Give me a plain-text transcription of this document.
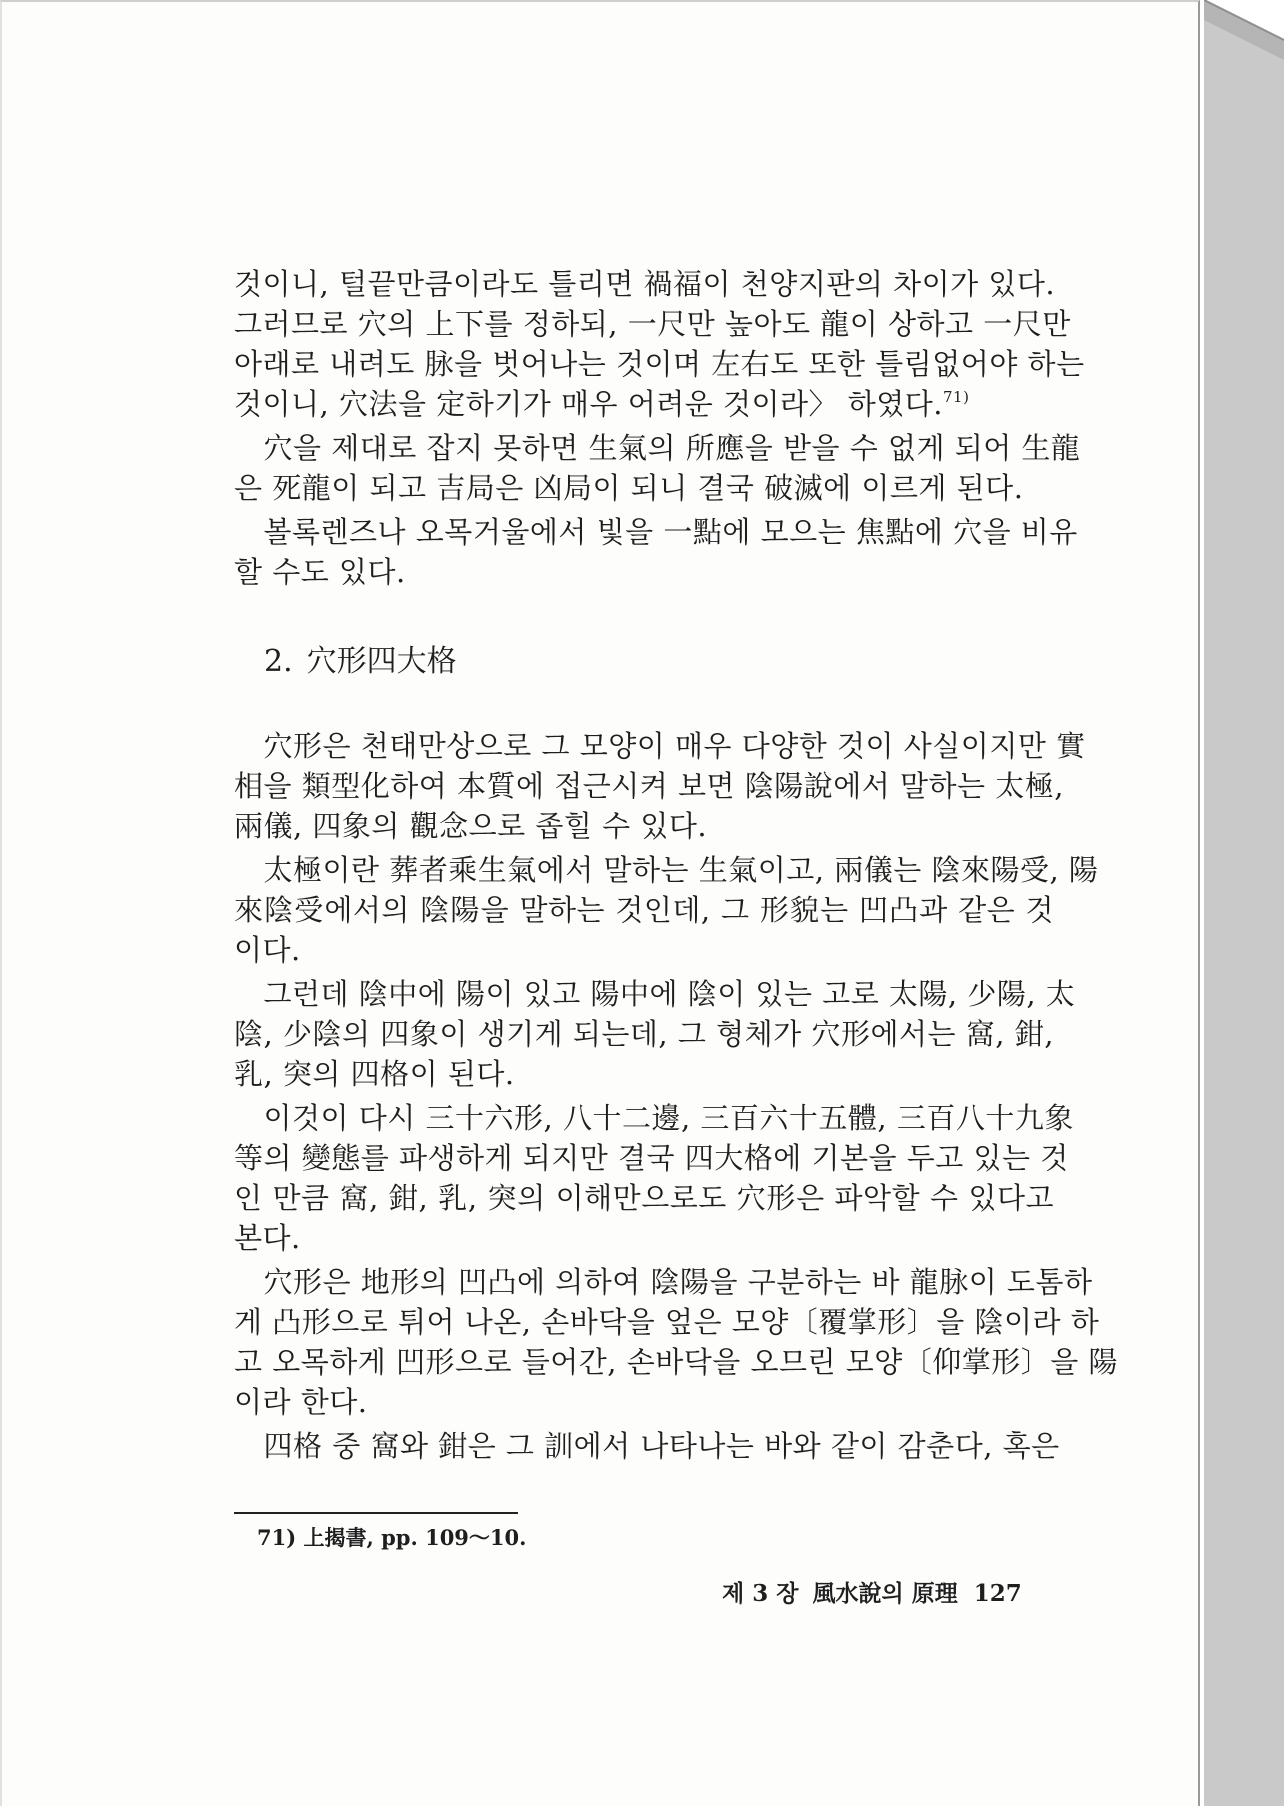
것이니, 털끝만큼이라도 틀리면 禍福이 천양지판의 차이가 있다.
그러므로 穴의 上下를 정하되, 一尺만 높아도 龍이 상하고 一尺만
아래로 내려도 脉을 벗어나는 것이며 左右도 또한 틀림없어야 하는
것이니, 穴法을 定하기가 매우 어려운 것이라〉 하였다.$^{71)}$
　穴을 제대로 잡지 못하면 生氣의 所應을 받을 수 없게 되어 生龍
은 死龍이 되고 吉局은 凶局이 되니 결국 破滅에 이르게 된다.
　볼록렌즈나 오목거울에서 빛을 一點에 모으는 焦點에 穴을 비유
할 수도 있다.
2. 穴形四大格
　穴形은 천태만상으로 그 모양이 매우 다양한 것이 사실이지만 實
相을 類型化하여 本質에 접근시켜 보면 陰陽說에서 말하는 太極,
兩儀, 四象의 觀念으로 좁힐 수 있다.
　太極이란 葬者乘生氣에서 말하는 生氣이고, 兩儀는 陰來陽受, 陽
來陰受에서의 陰陽을 말하는 것인데, 그 形貌는 凹凸과 같은 것
이다.
　그런데 陰中에 陽이 있고 陽中에 陰이 있는 고로 太陽, 少陽, 太
陰, 少陰의 四象이 생기게 되는데, 그 형체가 穴形에서는 窩, 鉗,
乳, 突의 四格이 된다.
　이것이 다시 三十六形, 八十二邊, 三百六十五體, 三百八十九象
等의 變態를 파생하게 되지만 결국 四大格에 기본을 두고 있는 것
인 만큼 窩, 鉗, 乳, 突의 이해만으로도 穴形은 파악할 수 있다고
본다.
　穴形은 地形의 凹凸에 의하여 陰陽을 구분하는 바 龍脉이 도톰하
게 凸形으로 튀어 나온, 손바닥을 엎은 모양〔覆掌形〕을 陰이라 하
고 오목하게 凹形으로 들어간, 손바닥을 오므린 모양〔仰掌形〕을 陽
이라 한다.
　四格 중 窩와 鉗은 그 訓에서 나타나는 바와 같이 감춘다, 혹은
71) 上揭書, pp. 109～10.
제 3 장 風水說의 原理 127
